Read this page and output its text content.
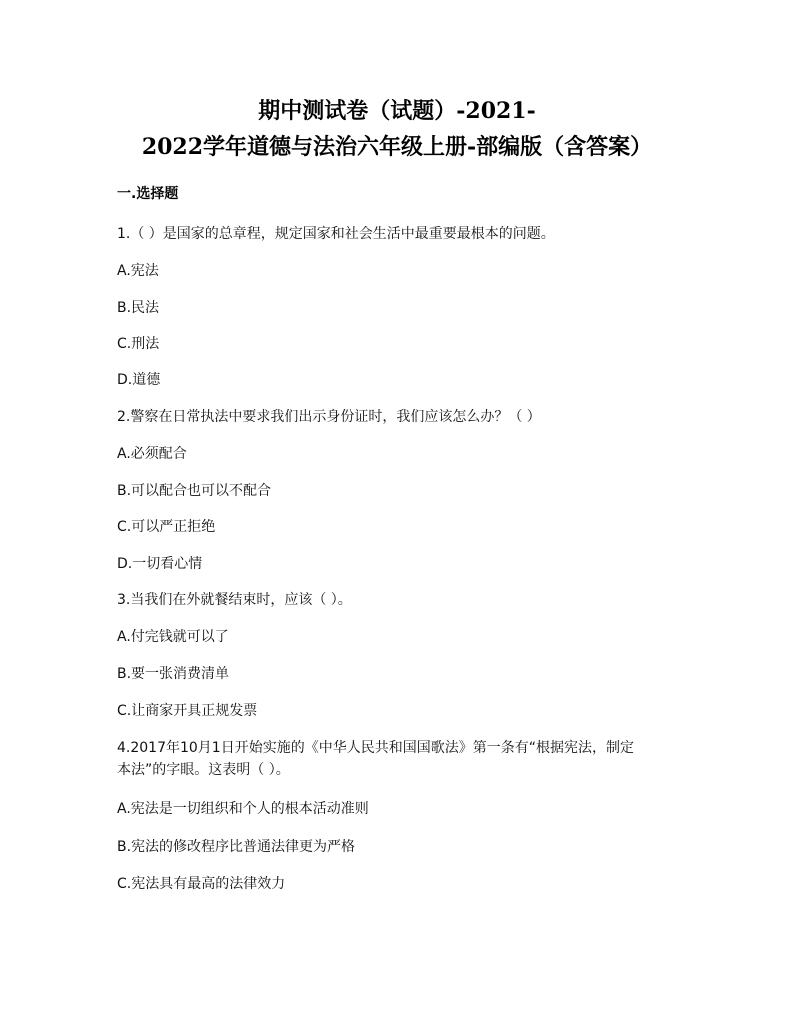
期中测试卷（试题）-2021-
2022学年道德与法治六年级上册-部编版（含答案）
一.选择题
1.（ ）是国家的总章程，规定国家和社会生活中最重要最根本的问题。
A.宪法
B.民法
C.刑法
D.道德
2.警察在日常执法中要求我们出示身份证时，我们应该怎么办？（ ）
A.必须配合
B.可以配合也可以不配合
C.可以严正拒绝
D.一切看心情
3.当我们在外就餐结束时，应该（ ）。
A.付完钱就可以了
B.要一张消费清单
C.让商家开具正规发票
4.2017年10月1日开始实施的《中华人民共和国国歌法》第一条有“根据宪法，制定
本法”的字眼。这表明（ ）。
A.宪法是一切组织和个人的根本活动准则
B.宪法的修改程序比普通法律更为严格
C.宪法具有最高的法律效力
